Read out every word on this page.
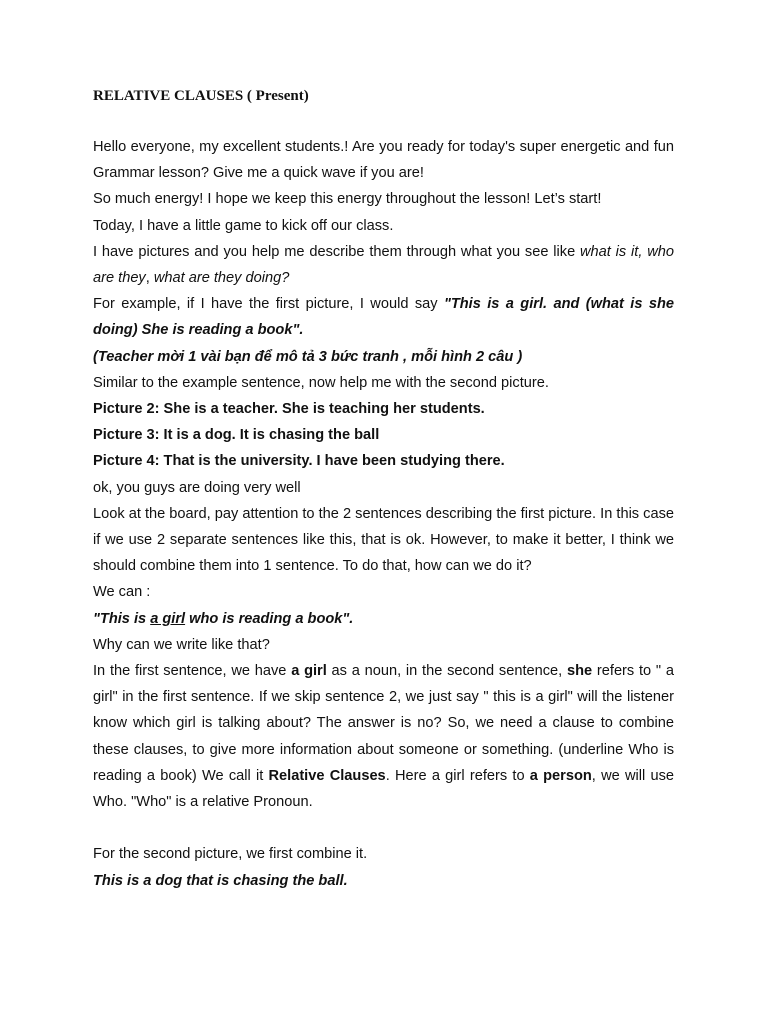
RELATIVE CLAUSES ( Present)

Hello everyone, my excellent students.! Are you ready for today's super energetic and fun Grammar lesson? Give me a quick wave if you are!

So much energy! I hope we keep this energy throughout the lesson! Let’s start!

Today, I have a little game to kick off our class.

I have pictures and you help me describe them through what you see like what is it, who are they, what are they doing?

For example, if I have the first picture, I would say "This is a girl. and (what is she doing) She is reading a book".

(Teacher mời 1 vài bạn để mô tả 3 bức tranh , mỗi hình 2 câu )

Similar to the example sentence, now help me with the second picture.

Picture 2: She is a teacher. She is teaching her students.

Picture 3: It is a dog. It is chasing the ball

Picture 4: That is the university. I have been studying there.

ok, you guys are doing very well

Look at the board, pay attention to the 2 sentences describing the first picture. In this case if we use 2 separate sentences like this, that is ok. However, to make it better, I think we should combine them into 1 sentence. To do that, how can we do it?

We can :

"This is a girl who is reading a book".

Why can we write like that?

In the first sentence, we have a girl as a noun, in the second sentence, she refers to " a girl" in the first sentence. If we skip sentence 2, we just say " this is a girl" will the listener know which girl is talking about? The answer is no? So, we need a clause to combine these clauses, to give more information about someone or something. (underline Who is reading a book) We call it Relative Clauses. Here a girl refers to a person, we will use Who. "Who" is a relative Pronoun.

For the second picture, we first combine it.

This is a dog that is chasing the ball.
